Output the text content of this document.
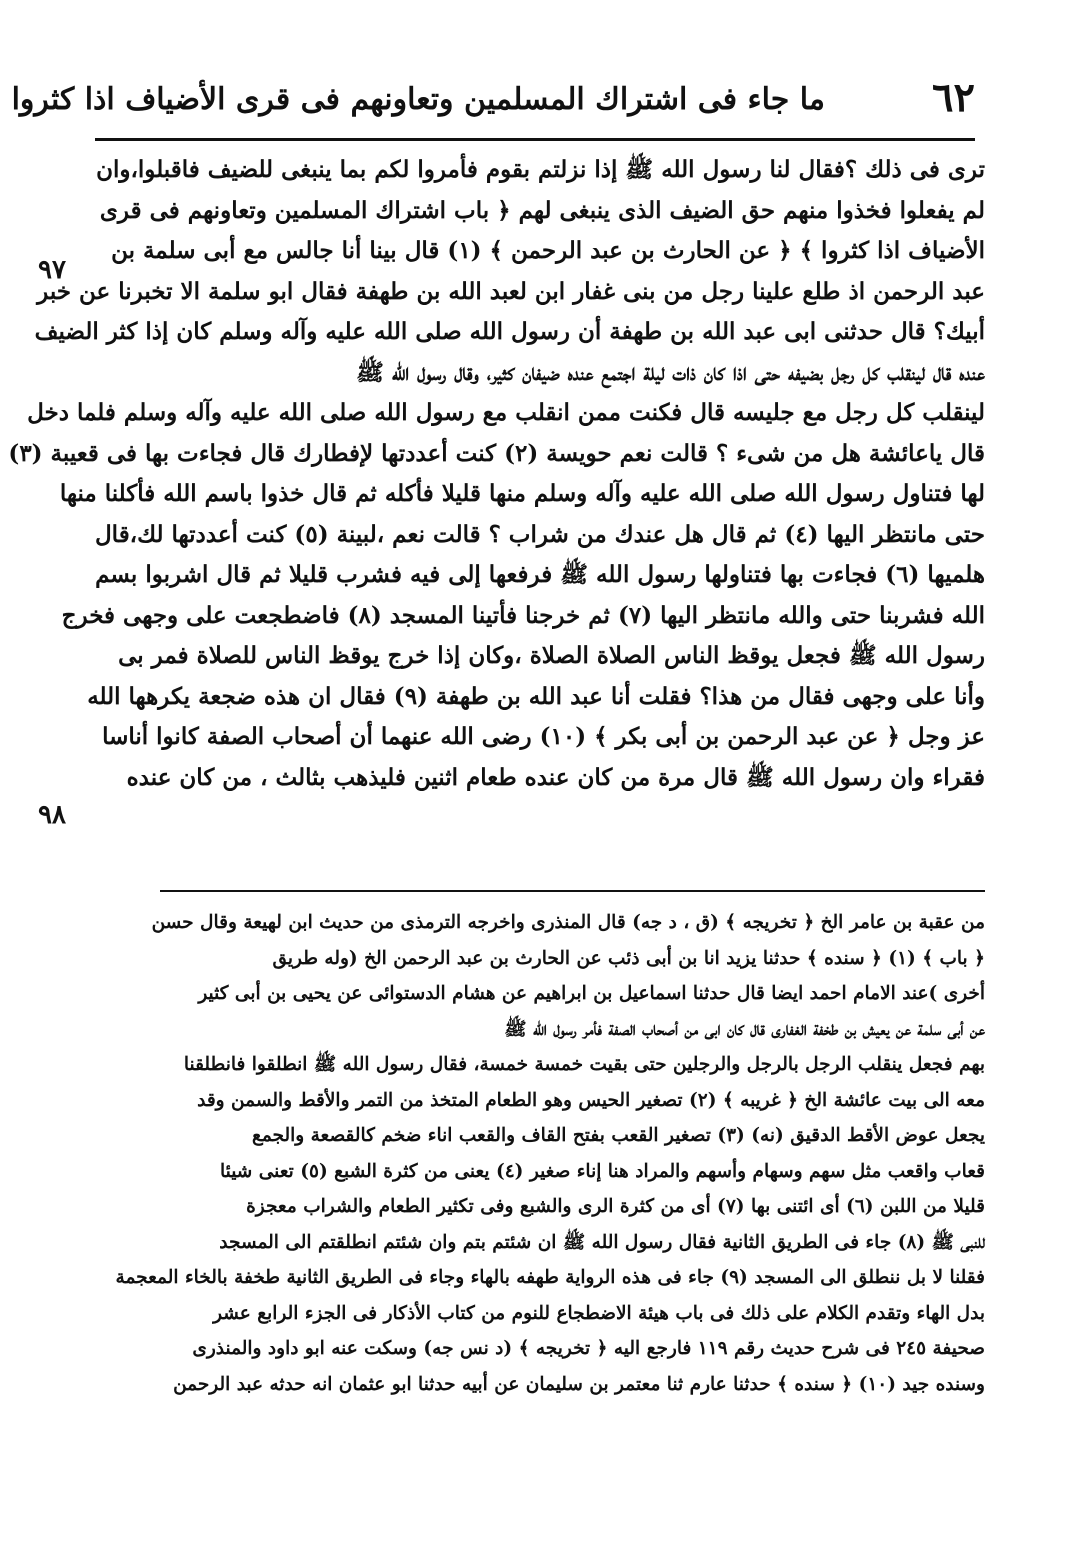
٦٢
ما جاء فى اشتراك المسلمين وتعاونهم فى قرى الأضياف اذا كثروا
٩٧
٩٨
ترى فى ذلك ؟فقال لنا رسول الله ﷺ إذا نزلتم بقوم فأمروا لكم بما ينبغى للضيف فاقبلوا،وان
لم يفعلوا فخذوا منهم حق الضيف الذى ينبغى لهم ﴿ باب اشتراك المسلمين وتعاونهم فى قرى
الأضياف اذا كثروا ﴾ ﴿ عن الحارث بن عبد الرحمن ﴾ (١) قال بينا أنا جالس مع أبى سلمة بن
عبد الرحمن اذ طلع علينا رجل من بنى غفار ابن لعبد الله بن طهفة فقال ابو سلمة الا تخبرنا عن خبر
أبيك؟ قال حدثنى ابى عبد الله بن طهفة أن رسول الله صلى الله عليه وآله وسلم كان إذا كثر الضيف
عنده قال لينقلب كل رجل بضيفه حتى اذا كان ذات ليلة اجتمع عنده ضيفان كثير، وقال رسول الله ﷺ
لينقلب كل رجل مع جليسه قال فكنت ممن انقلب مع رسول الله صلى الله عليه وآله وسلم فلما دخل
قال ياعائشة هل من شىء ؟ قالت نعم حويسة (٢) كنت أعددتها لإفطارك قال فجاءت بها فى قعيبة (٣)
لها فتناول رسول الله صلى الله عليه وآله وسلم منها قليلا فأكله ثم قال خذوا باسم الله فأكلنا منها
حتى مانتظر اليها (٤) ثم قال هل عندك من شراب ؟ قالت نعم ،لبينة (٥) كنت أعددتها لك،قال
هلميها (٦) فجاءت بها فتناولها رسول الله ﷺ فرفعها إلى فيه فشرب قليلا ثم قال اشربوا بسم
الله فشربنا حتى والله مانتظر اليها (٧) ثم خرجنا فأتينا المسجد (٨) فاضطجعت على وجهى فخرج
رسول الله ﷺ فجعل يوقظ الناس الصلاة الصلاة ،وكان إذا خرج يوقظ الناس للصلاة فمر بى
وأنا على وجهى فقال من هذا؟ فقلت أنا عبد الله بن طهفة (٩) فقال ان هذه ضجعة يكرهها الله
عز وجل ﴿ عن عبد الرحمن بن أبى بكر ﴾ (١٠) رضى الله عنهما أن أصحاب الصفة كانوا أناسا
فقراء وان رسول الله ﷺ قال مرة من كان عنده طعام اثنين فليذهب بثالث ، من كان عنده
من عقبة بن عامر الخ ﴿ تخريجه ﴾ (ق ، د جه) قال المنذرى واخرجه الترمذى من حديث ابن لهيعة وقال حسن
﴿ باب ﴾ (١) ﴿ سنده ﴾ حدثنا يزيد انا بن أبى ذئب عن الحارث بن عبد الرحمن الخ (وله طريق
أخرى )عند الامام احمد ايضا قال حدثنا اسماعيل بن ابراهيم عن هشام الدستوائى عن يحيى بن أبى كثير
عن أبى سلمة عن يعيش بن طخفة الغفارى قال كان ابى من أصحاب الصفة فأمر رسول الله ﷺ
بهم فجعل ينقلب الرجل بالرجل والرجلين حتى بقيت خمسة خمسة، فقال رسول الله ﷺ انطلقوا فانطلقنا
معه الى بيت عائشة الخ ﴿ غريبه ﴾ (٢) تصغير الحيس وهو الطعام المتخذ من التمر والأقط والسمن وقد
يجعل عوض الأقط الدقيق (نه) (٣) تصغير القعب بفتح القاف والقعب اناء ضخم كالقصعة والجمع
قعاب واقعب مثل سهم وسهام وأسهم والمراد هنا إناء صغير (٤) يعنى من كثرة الشبع (٥) تعنى شيئا
قليلا من اللبن (٦) أى ائتنى بها (٧) أى من كثرة الرى والشبع وفى تكثير الطعام والشراب معجزة
للنبى ﷺ (٨) جاء فى الطريق الثانية فقال رسول الله ﷺ ان شئتم بتم وان شئتم انطلقتم الى المسجد
فقلنا لا بل ننطلق الى المسجد (٩) جاء فى هذه الرواية طهفه بالهاء وجاء فى الطريق الثانية طخفة بالخاء المعجمة
بدل الهاء وتقدم الكلام على ذلك فى باب هيئة الاضطجاع للنوم من كتاب الأذكار فى الجزء الرابع عشر
صحيفة ٢٤٥ فى شرح حديث رقم ١١٩ فارجع اليه ﴿ تخريجه ﴾ (د نس جه) وسكت عنه ابو داود والمنذرى
وسنده جيد (١٠) ﴿ سنده ﴾ حدثنا عارم ثنا معتمر بن سليمان عن أبيه حدثنا ابو عثمان انه حدثه عبد الرحمن
